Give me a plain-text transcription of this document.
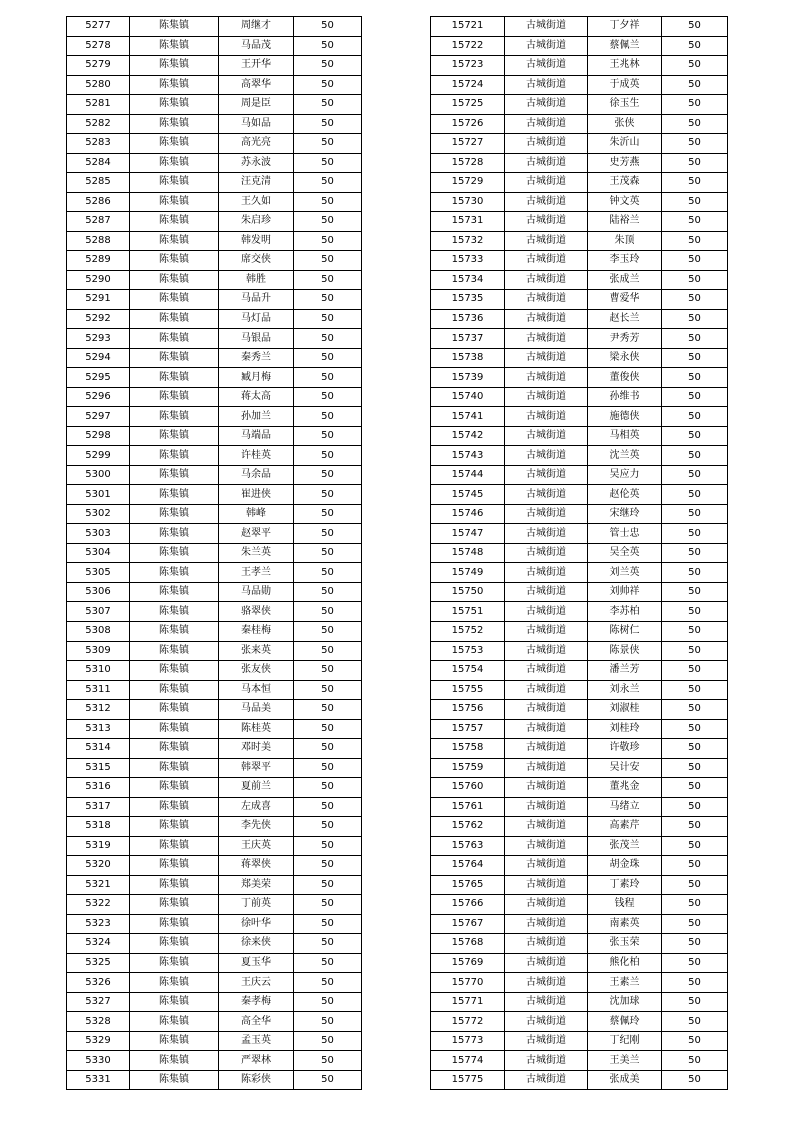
5277	陈集镇	周继才	50
5278	陈集镇	马品茂	50
5279	陈集镇	王开华	50
5280	陈集镇	高翠华	50
5281	陈集镇	周是臣	50
5282	陈集镇	马如品	50
5283	陈集镇	高光亮	50
5284	陈集镇	苏永波	50
5285	陈集镇	汪克清	50
5286	陈集镇	王久如	50
5287	陈集镇	朱启珍	50
5288	陈集镇	韩发明	50
5289	陈集镇	席交侠	50
5290	陈集镇	韩胜	50
5291	陈集镇	马品升	50
5292	陈集镇	马灯品	50
5293	陈集镇	马银品	50
5294	陈集镇	秦秀兰	50
5295	陈集镇	臧月梅	50
5296	陈集镇	蒋太高	50
5297	陈集镇	孙加兰	50
5298	陈集镇	马端品	50
5299	陈集镇	许桂英	50
5300	陈集镇	马余品	50
5301	陈集镇	崔进侠	50
5302	陈集镇	韩峰	50
5303	陈集镇	赵翠平	50
5304	陈集镇	朱兰英	50
5305	陈集镇	王孝兰	50
5306	陈集镇	马品勋	50
5307	陈集镇	骆翠侠	50
5308	陈集镇	秦桂梅	50
5309	陈集镇	张来英	50
5310	陈集镇	张友侠	50
5311	陈集镇	马本恒	50
5312	陈集镇	马品美	50
5313	陈集镇	陈桂英	50
5314	陈集镇	邓时美	50
5315	陈集镇	韩翠平	50
5316	陈集镇	夏前兰	50
5317	陈集镇	左成喜	50
5318	陈集镇	李先侠	50
5319	陈集镇	王庆英	50
5320	陈集镇	蒋翠侠	50
5321	陈集镇	郑美荣	50
5322	陈集镇	丁前英	50
5323	陈集镇	徐叶华	50
5324	陈集镇	徐来侠	50
5325	陈集镇	夏玉华	50
5326	陈集镇	王庆云	50
5327	陈集镇	秦孝梅	50
5328	陈集镇	高全华	50
5329	陈集镇	孟玉英	50
5330	陈集镇	严翠林	50
5331	陈集镇	陈彩侠	50
15721	古城街道	丁夕祥	50
15722	古城街道	蔡佩兰	50
15723	古城街道	王兆林	50
15724	古城街道	于成英	50
15725	古城街道	徐玉生	50
15726	古城街道	张侠	50
15727	古城街道	朱沂山	50
15728	古城街道	史芳燕	50
15729	古城街道	王茂森	50
15730	古城街道	钟文英	50
15731	古城街道	陆裕兰	50
15732	古城街道	朱顶	50
15733	古城街道	李玉玲	50
15734	古城街道	张成兰	50
15735	古城街道	曹爱华	50
15736	古城街道	赵长兰	50
15737	古城街道	尹秀芳	50
15738	古城街道	梁永侠	50
15739	古城街道	董俊侠	50
15740	古城街道	孙维书	50
15741	古城街道	施德侠	50
15742	古城街道	马相英	50
15743	古城街道	沈兰英	50
15744	古城街道	吴应力	50
15745	古城街道	赵伦英	50
15746	古城街道	宋继玲	50
15747	古城街道	管士忠	50
15748	古城街道	吴全英	50
15749	古城街道	刘兰英	50
15750	古城街道	刘帅祥	50
15751	古城街道	李苏柏	50
15752	古城街道	陈树仁	50
15753	古城街道	陈景侠	50
15754	古城街道	潘兰芳	50
15755	古城街道	刘永兰	50
15756	古城街道	刘淑桂	50
15757	古城街道	刘桂玲	50
15758	古城街道	许敬珍	50
15759	古城街道	吴计安	50
15760	古城街道	董兆金	50
15761	古城街道	马绪立	50
15762	古城街道	高素芹	50
15763	古城街道	张茂兰	50
15764	古城街道	胡金珠	50
15765	古城街道	丁素玲	50
15766	古城街道	钱程	50
15767	古城街道	南素英	50
15768	古城街道	张玉荣	50
15769	古城街道	熊化柏	50
15770	古城街道	王素兰	50
15771	古城街道	沈加球	50
15772	古城街道	蔡佩玲	50
15773	古城街道	丁纪刚	50
15774	古城街道	王美兰	50
15775	古城街道	张成美	50
